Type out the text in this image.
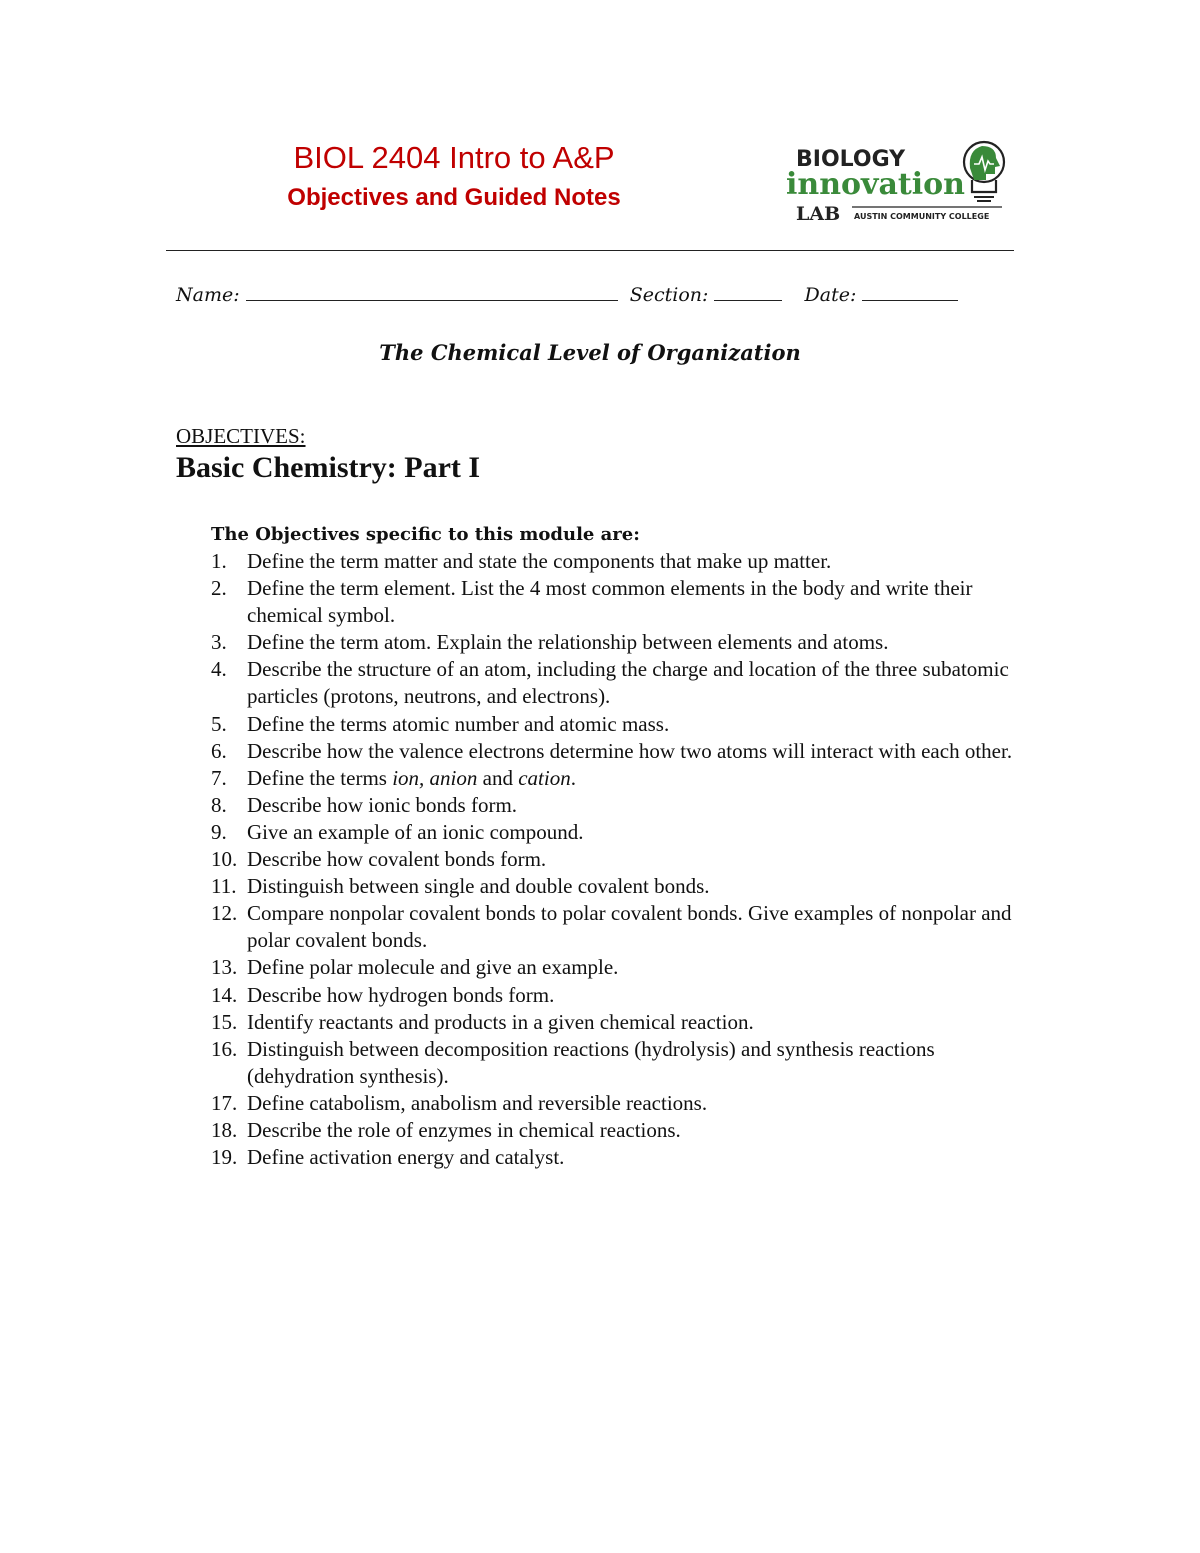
BIOL 2404 Intro to A&P
Objectives and Guided Notes
BIOLOGY
innovation
LAB AUSTIN COMMUNITY COLLEGE
Name:	Section:	Date:
The Chemical Level of Organization
OBJECTIVES:
Basic Chemistry: Part I
The Objectives specific to this module are:
1. Define the term matter and state the components that make up matter.
2. Define the term element. List the 4 most common elements in the body and write their chemical symbol.
3. Define the term atom. Explain the relationship between elements and atoms.
4. Describe the structure of an atom, including the charge and location of the three subatomic particles (protons, neutrons, and electrons).
5. Define the terms atomic number and atomic mass.
6. Describe how the valence electrons determine how two atoms will interact with each other.
7. Define the terms ion, anion and cation.
8. Describe how ionic bonds form.
9. Give an example of an ionic compound.
10. Describe how covalent bonds form.
11. Distinguish between single and double covalent bonds.
12. Compare nonpolar covalent bonds to polar covalent bonds. Give examples of nonpolar and polar covalent bonds.
13. Define polar molecule and give an example.
14. Describe how hydrogen bonds form.
15. Identify reactants and products in a given chemical reaction.
16. Distinguish between decomposition reactions (hydrolysis) and synthesis reactions (dehydration synthesis).
17. Define catabolism, anabolism and reversible reactions.
18. Describe the role of enzymes in chemical reactions.
19. Define activation energy and catalyst.
